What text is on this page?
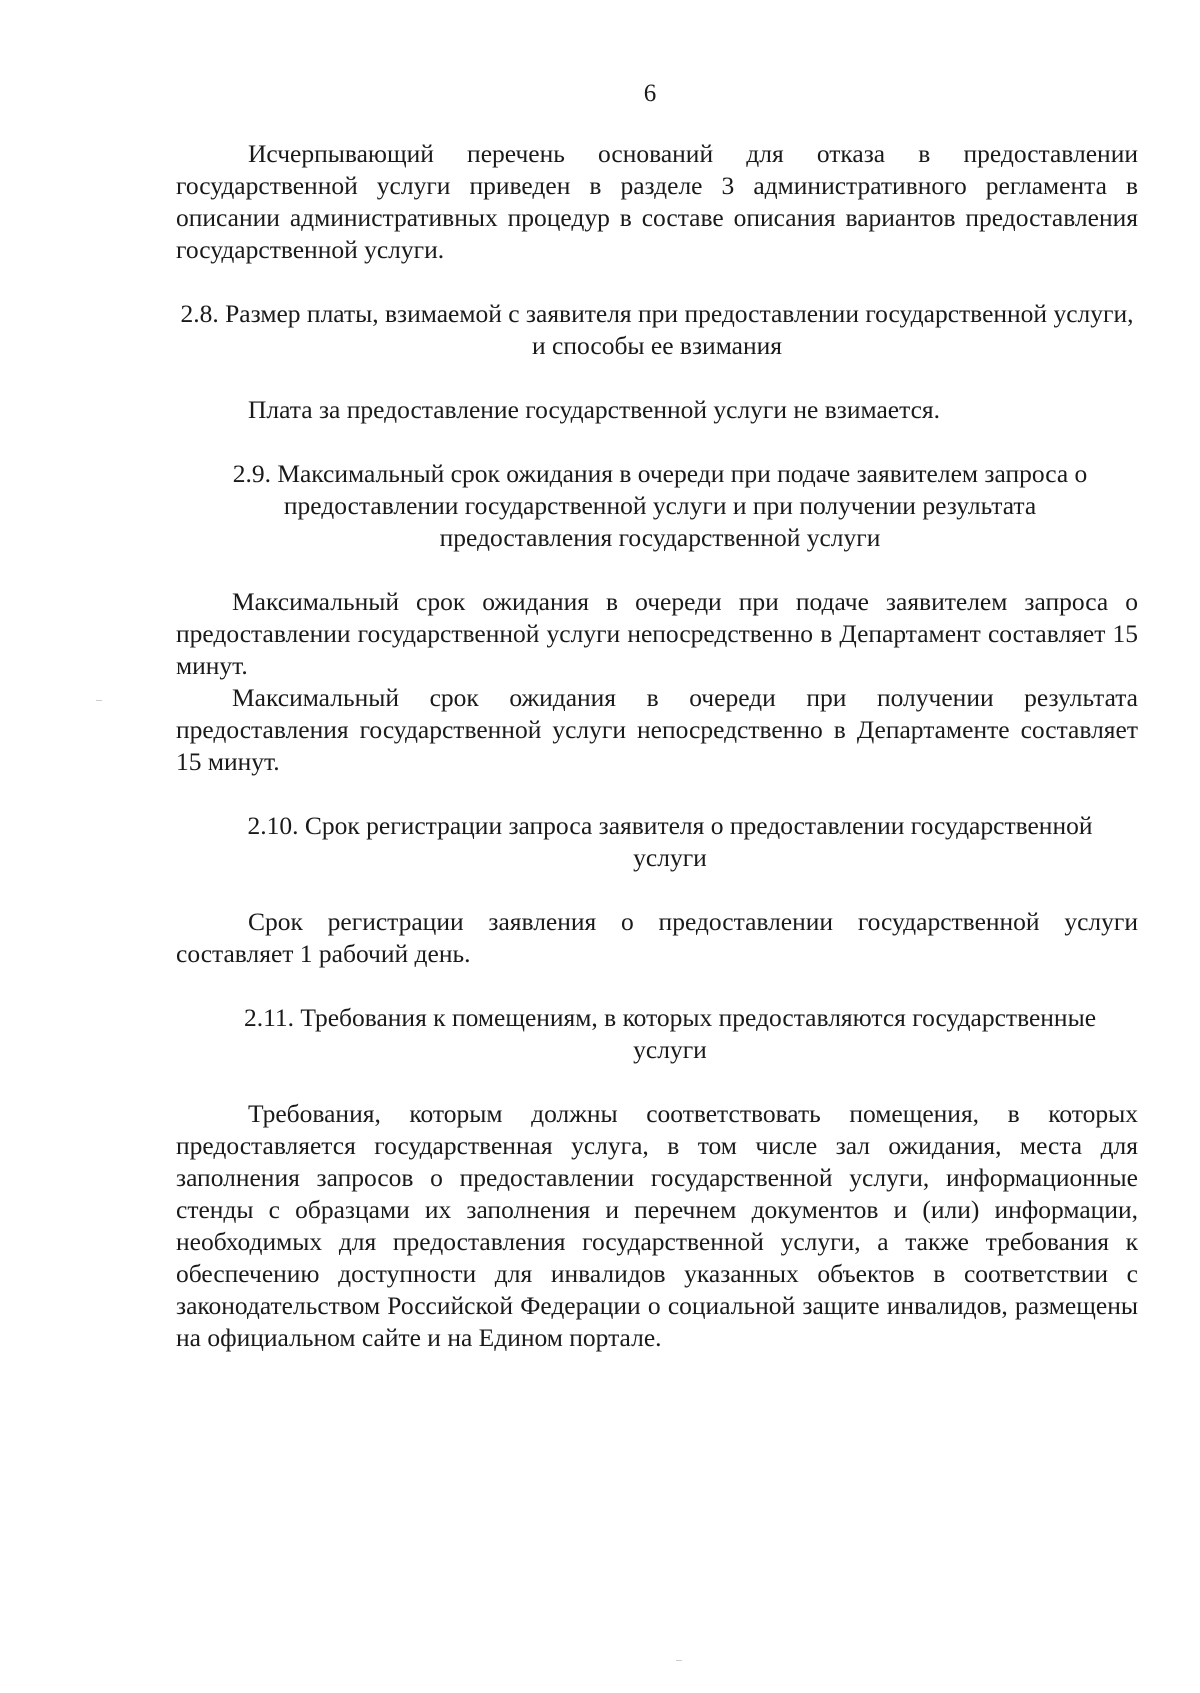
6

Исчерпывающий перечень оснований для отказа в предоставлении государственной услуги приведен в разделе 3 административного регламента в описании административных процедур в составе описания вариантов предоставления государственной услуги.

2.8. Размер платы, взимаемой с заявителя при предоставлении государственной услуги, и способы ее взимания

Плата за предоставление государственной услуги не взимается.

2.9. Максимальный срок ожидания в очереди при подаче заявителем запроса о предоставлении государственной услуги и при получении результата предоставления государственной услуги

Максимальный срок ожидания в очереди при подаче заявителем запроса о предоставлении государственной услуги непосредственно в Департамент составляет 15 минут.

Максимальный срок ожидания в очереди при получении результата предоставления государственной услуги непосредственно в Департаменте составляет 15 минут.

2.10. Срок регистрации запроса заявителя о предоставлении государственной услуги

Срок регистрации заявления о предоставлении государственной услуги составляет 1 рабочий день.

2.11. Требования к помещениям, в которых предоставляются государственные услуги

Требования, которым должны соответствовать помещения, в которых предоставляется государственная услуга, в том числе зал ожидания, места для заполнения запросов о предоставлении государственной услуги, информационные стенды с образцами их заполнения и перечнем документов и (или) информации, необходимых для предоставления государственной услуги, а также требования к обеспечению доступности для инвалидов указанных объектов в соответствии с законодательством Российской Федерации о социальной защите инвалидов, размещены на официальном сайте и на Едином портале.
